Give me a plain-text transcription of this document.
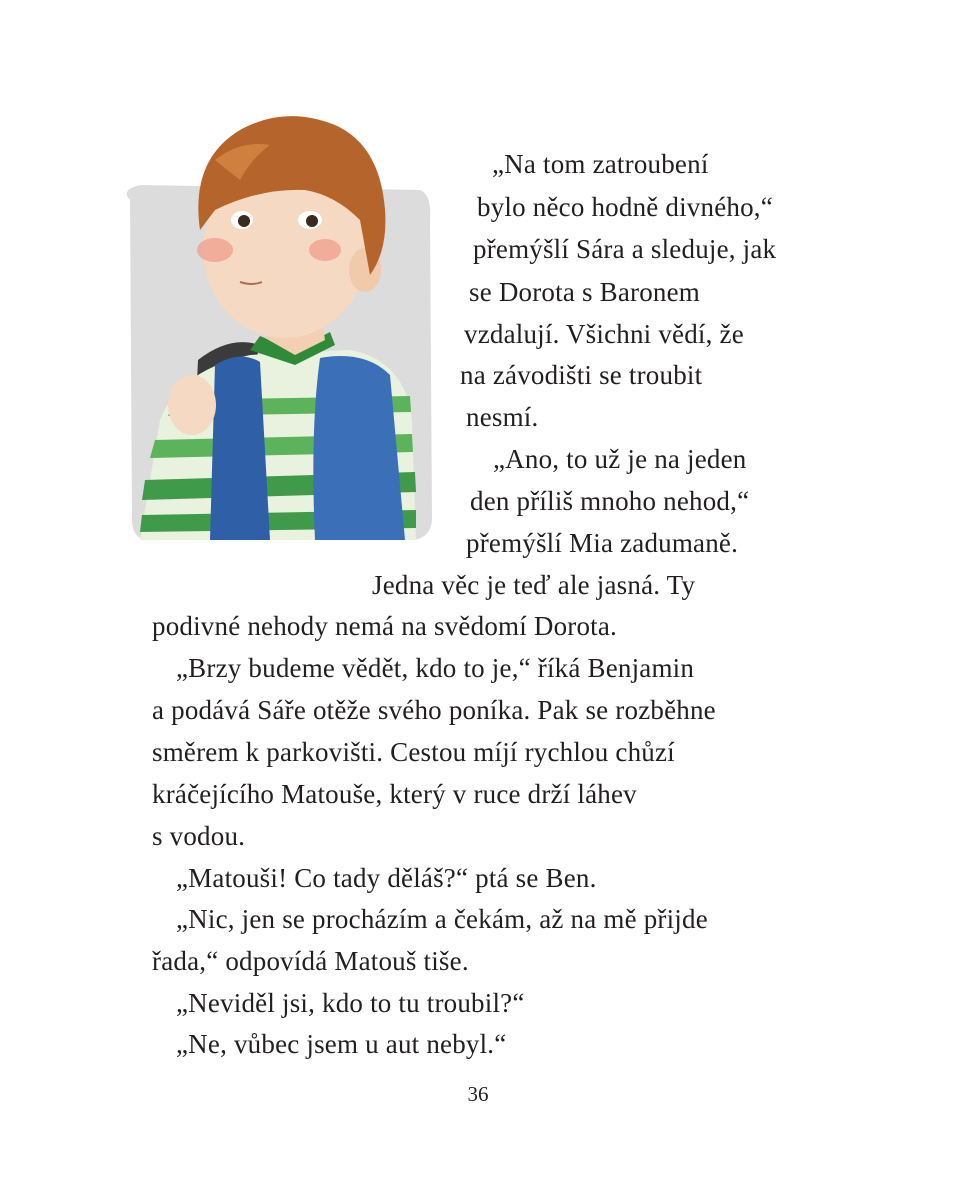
„Na tom zatroubení
bylo něco hodně divného,“
přemýšlí Sára a sleduje, jak
se Dorota s Baronem
vzdalují. Všichni vědí, že
na závodišti se troubit
nesmí.
„Ano, to už je na jeden
den příliš mnoho nehod,“
přemýšlí Mia zadumaně.
Jedna věc je teď ale jasná. Ty
podivné nehody nemá na svědomí Dorota.
„Brzy budeme vědět, kdo to je,“ říká Benjamin
a podává Sáře otěže svého poníka. Pak se rozběhne
směrem k parkovišti. Cestou míjí rychlou chůzí
kráčejícího Matouše, který v ruce drží láhev
s vodou.
„Matouši! Co tady děláš?“ ptá se Ben.
„Nic, jen se procházím a čekám, až na mě přijde
řada,“ odpovídá Matouš tiše.
„Neviděl jsi, kdo to tu troubil?“
„Ne, vůbec jsem u aut nebyl.“
36
